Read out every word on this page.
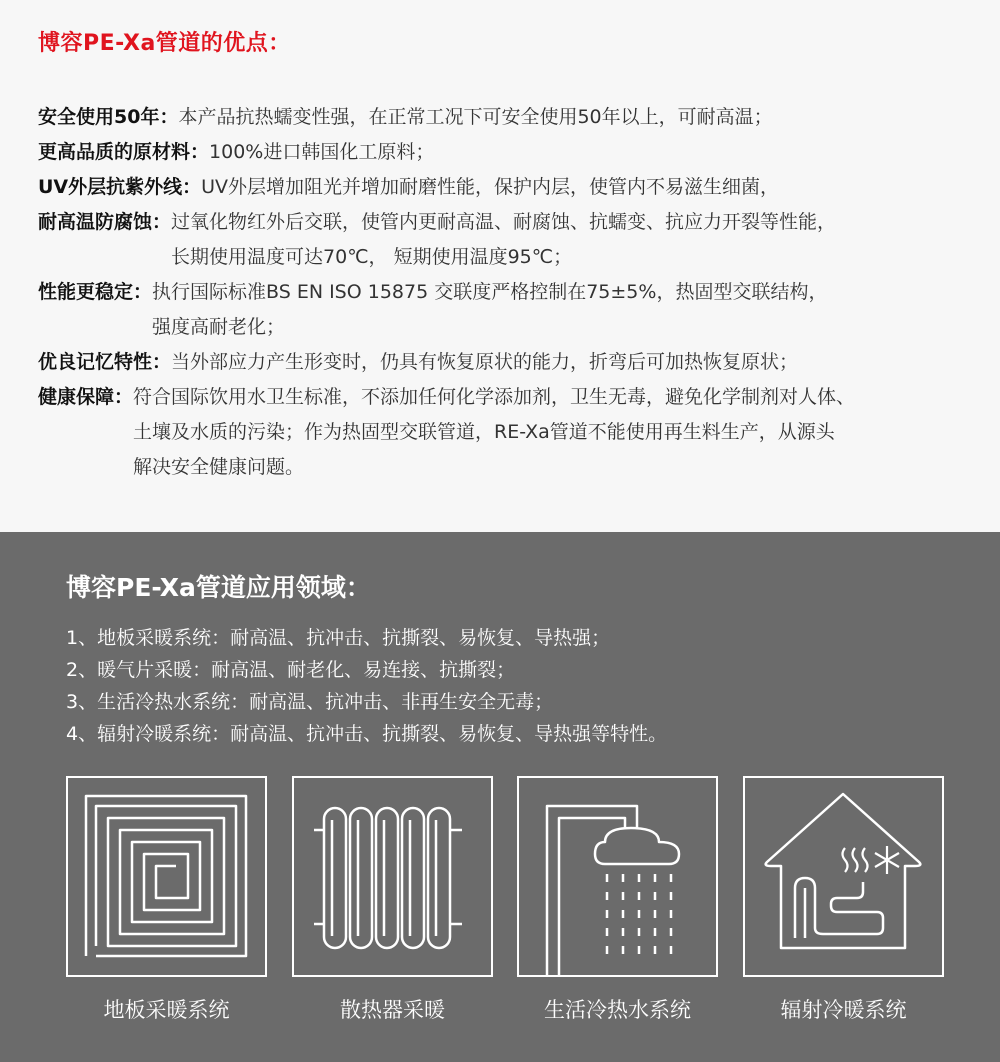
博容PE-Xa管道的优点：
安全使用50年： 本产品抗热蠕变性强，在正常工况下可安全使用50年以上，可耐高温；
更高品质的原材料： 100%进口韩国化工原料；
UV外层抗紫外线： UV外层增加阻光并增加耐磨性能，保护内层，使管内不易滋生细菌，
耐高温防腐蚀： 过氧化物红外后交联，使管内更耐高温、耐腐蚀、抗蠕变、抗应力开裂等性能，
长期使用温度可达70℃， 短期使用温度95℃；
性能更稳定： 执行国际标准BS EN ISO 15875 交联度严格控制在75±5%，热固型交联结构，
强度高耐老化；
优良记忆特性： 当外部应力产生形变时，仍具有恢复原状的能力，折弯后可加热恢复原状；
健康保障： 符合国际饮用水卫生标准，不添加任何化学添加剂，卫生无毒，避免化学制剂对人体、
土壤及水质的污染；作为热固型交联管道，RE-Xa管道不能使用再生料生产，从源头
解决安全健康问题。
博容PE-Xa管道应用领域：
1、地板采暖系统：耐高温、抗冲击、抗撕裂、易恢复、导热强；
2、暖气片采暖：耐高温、耐老化、易连接、抗撕裂；
3、生活冷热水系统：耐高温、抗冲击、非再生安全无毒；
4、辐射冷暖系统：耐高温、抗冲击、抗撕裂、易恢复、导热强等特性。
地板采暖系统	散热器采暖	生活冷热水系统	辐射冷暖系统
